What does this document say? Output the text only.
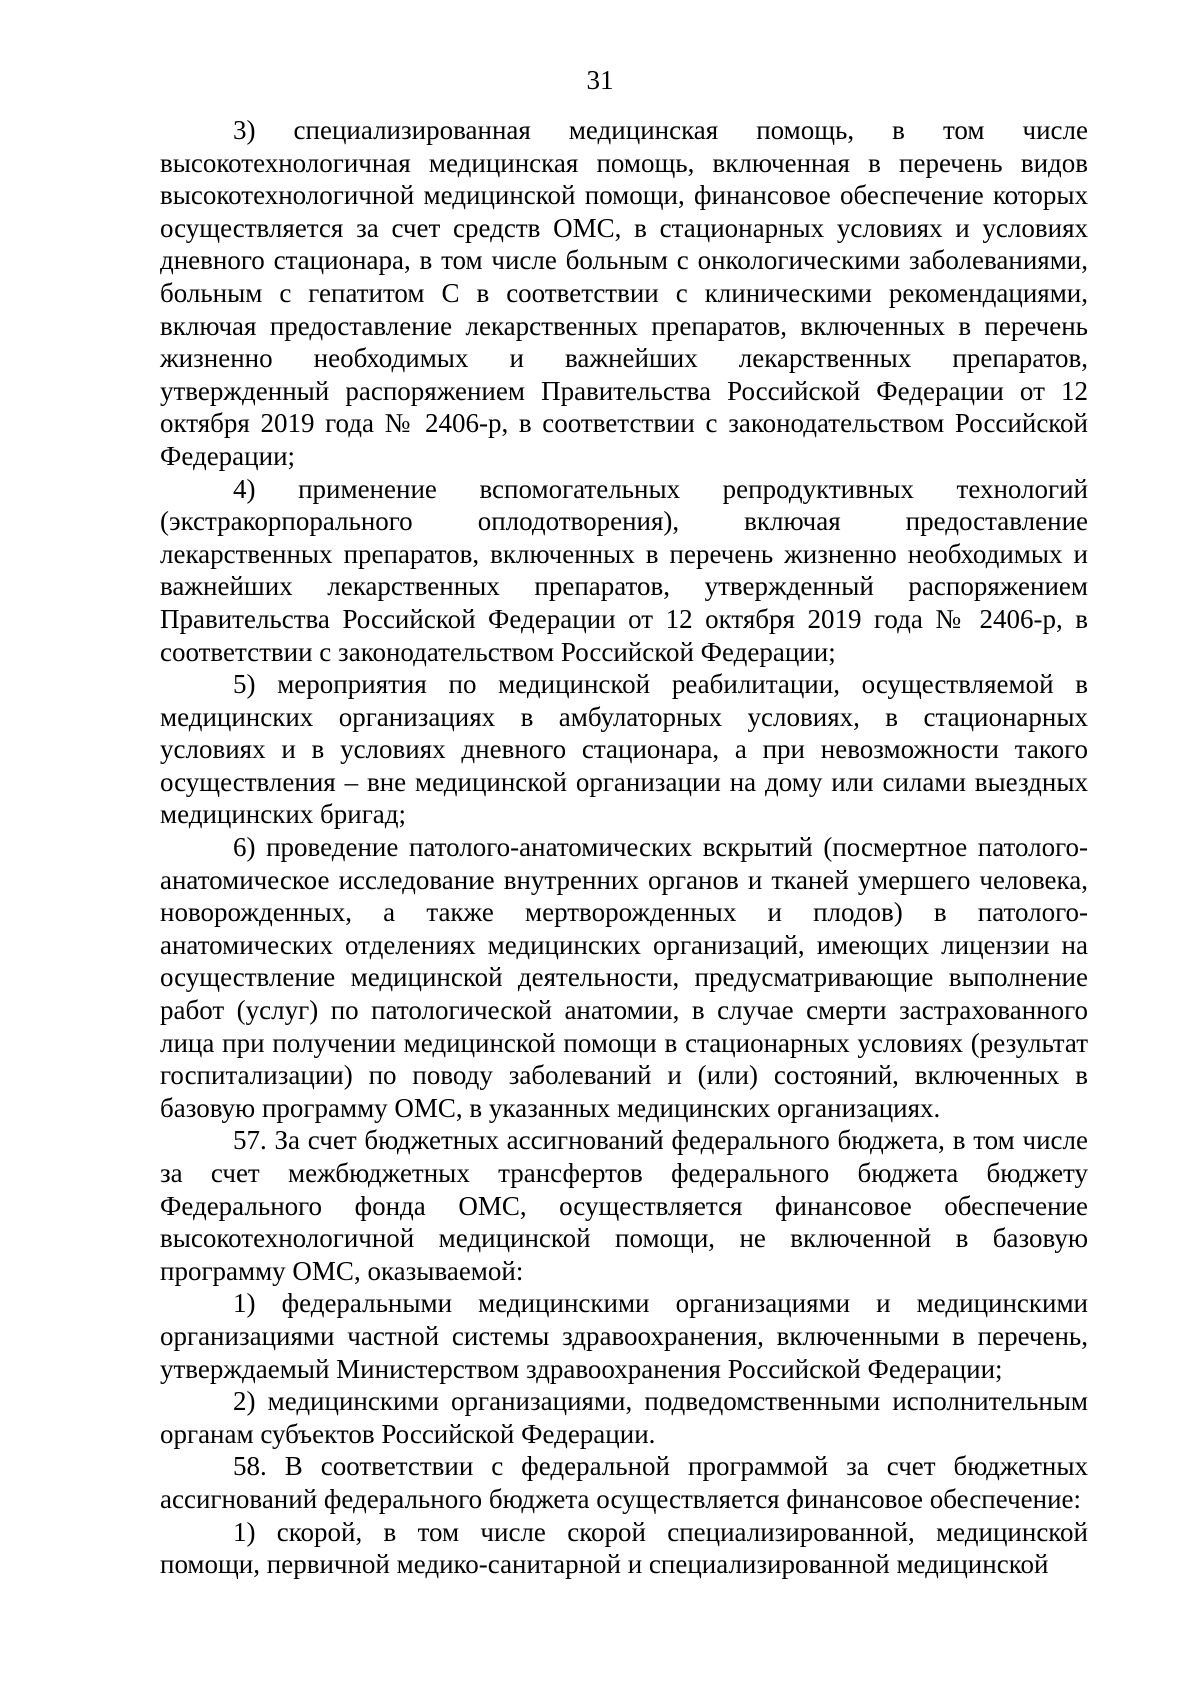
31

3) специализированная медицинская помощь, в том числе высокотехнологичная медицинская помощь, включенная в перечень видов высокотехнологичной медицинской помощи, финансовое обеспечение которых осуществляется за счет средств ОМС, в стационарных условиях и условиях дневного стационара, в том числе больным с онкологическими заболеваниями, больным с гепатитом С в соответствии с клиническими рекомендациями, включая предоставление лекарственных препаратов, включенных в перечень жизненно необходимых и важнейших лекарственных препаратов, утвержденный распоряжением Правительства Российской Федерации от 12 октября 2019 года № 2406-р, в соответствии с законодательством Российской Федерации;

4) применение вспомогательных репродуктивных технологий (экстракорпорального оплодотворения), включая предоставление лекарственных препаратов, включенных в перечень жизненно необходимых и важнейших лекарственных препаратов, утвержденный распоряжением Правительства Российской Федерации от 12 октября 2019 года № 2406-р, в соответствии с законодательством Российской Федерации;

5) мероприятия по медицинской реабилитации, осуществляемой в медицинских организациях в амбулаторных условиях, в стационарных условиях и в условиях дневного стационара, а при невозможности такого осуществления – вне медицинской организации на дому или силами выездных медицинских бригад;

6) проведение патолого-анатомических вскрытий (посмертное патолого-анатомическое исследование внутренних органов и тканей умершего человека, новорожденных, а также мертворожденных и плодов) в патолого-анатомических отделениях медицинских организаций, имеющих лицензии на осуществление медицинской деятельности, предусматривающие выполнение работ (услуг) по патологической анатомии, в случае смерти застрахованного лица при получении медицинской помощи в стационарных условиях (результат госпитализации) по поводу заболеваний и (или) состояний, включенных в базовую программу ОМС, в указанных медицинских организациях.

57. За счет бюджетных ассигнований федерального бюджета, в том числе за счет межбюджетных трансфертов федерального бюджета бюджету Федерального фонда ОМС, осуществляется финансовое обеспечение высокотехнологичной медицинской помощи, не включенной в базовую программу ОМС, оказываемой:

1) федеральными медицинскими организациями и медицинскими организациями частной системы здравоохранения, включенными в перечень, утверждаемый Министерством здравоохранения Российской Федерации;

2) медицинскими организациями, подведомственными исполнительным органам субъектов Российской Федерации.

58. В соответствии с федеральной программой за счет бюджетных ассигнований федерального бюджета осуществляется финансовое обеспечение:

1) скорой, в том числе скорой специализированной, медицинской помощи, первичной медико-санитарной и специализированной медицинской
